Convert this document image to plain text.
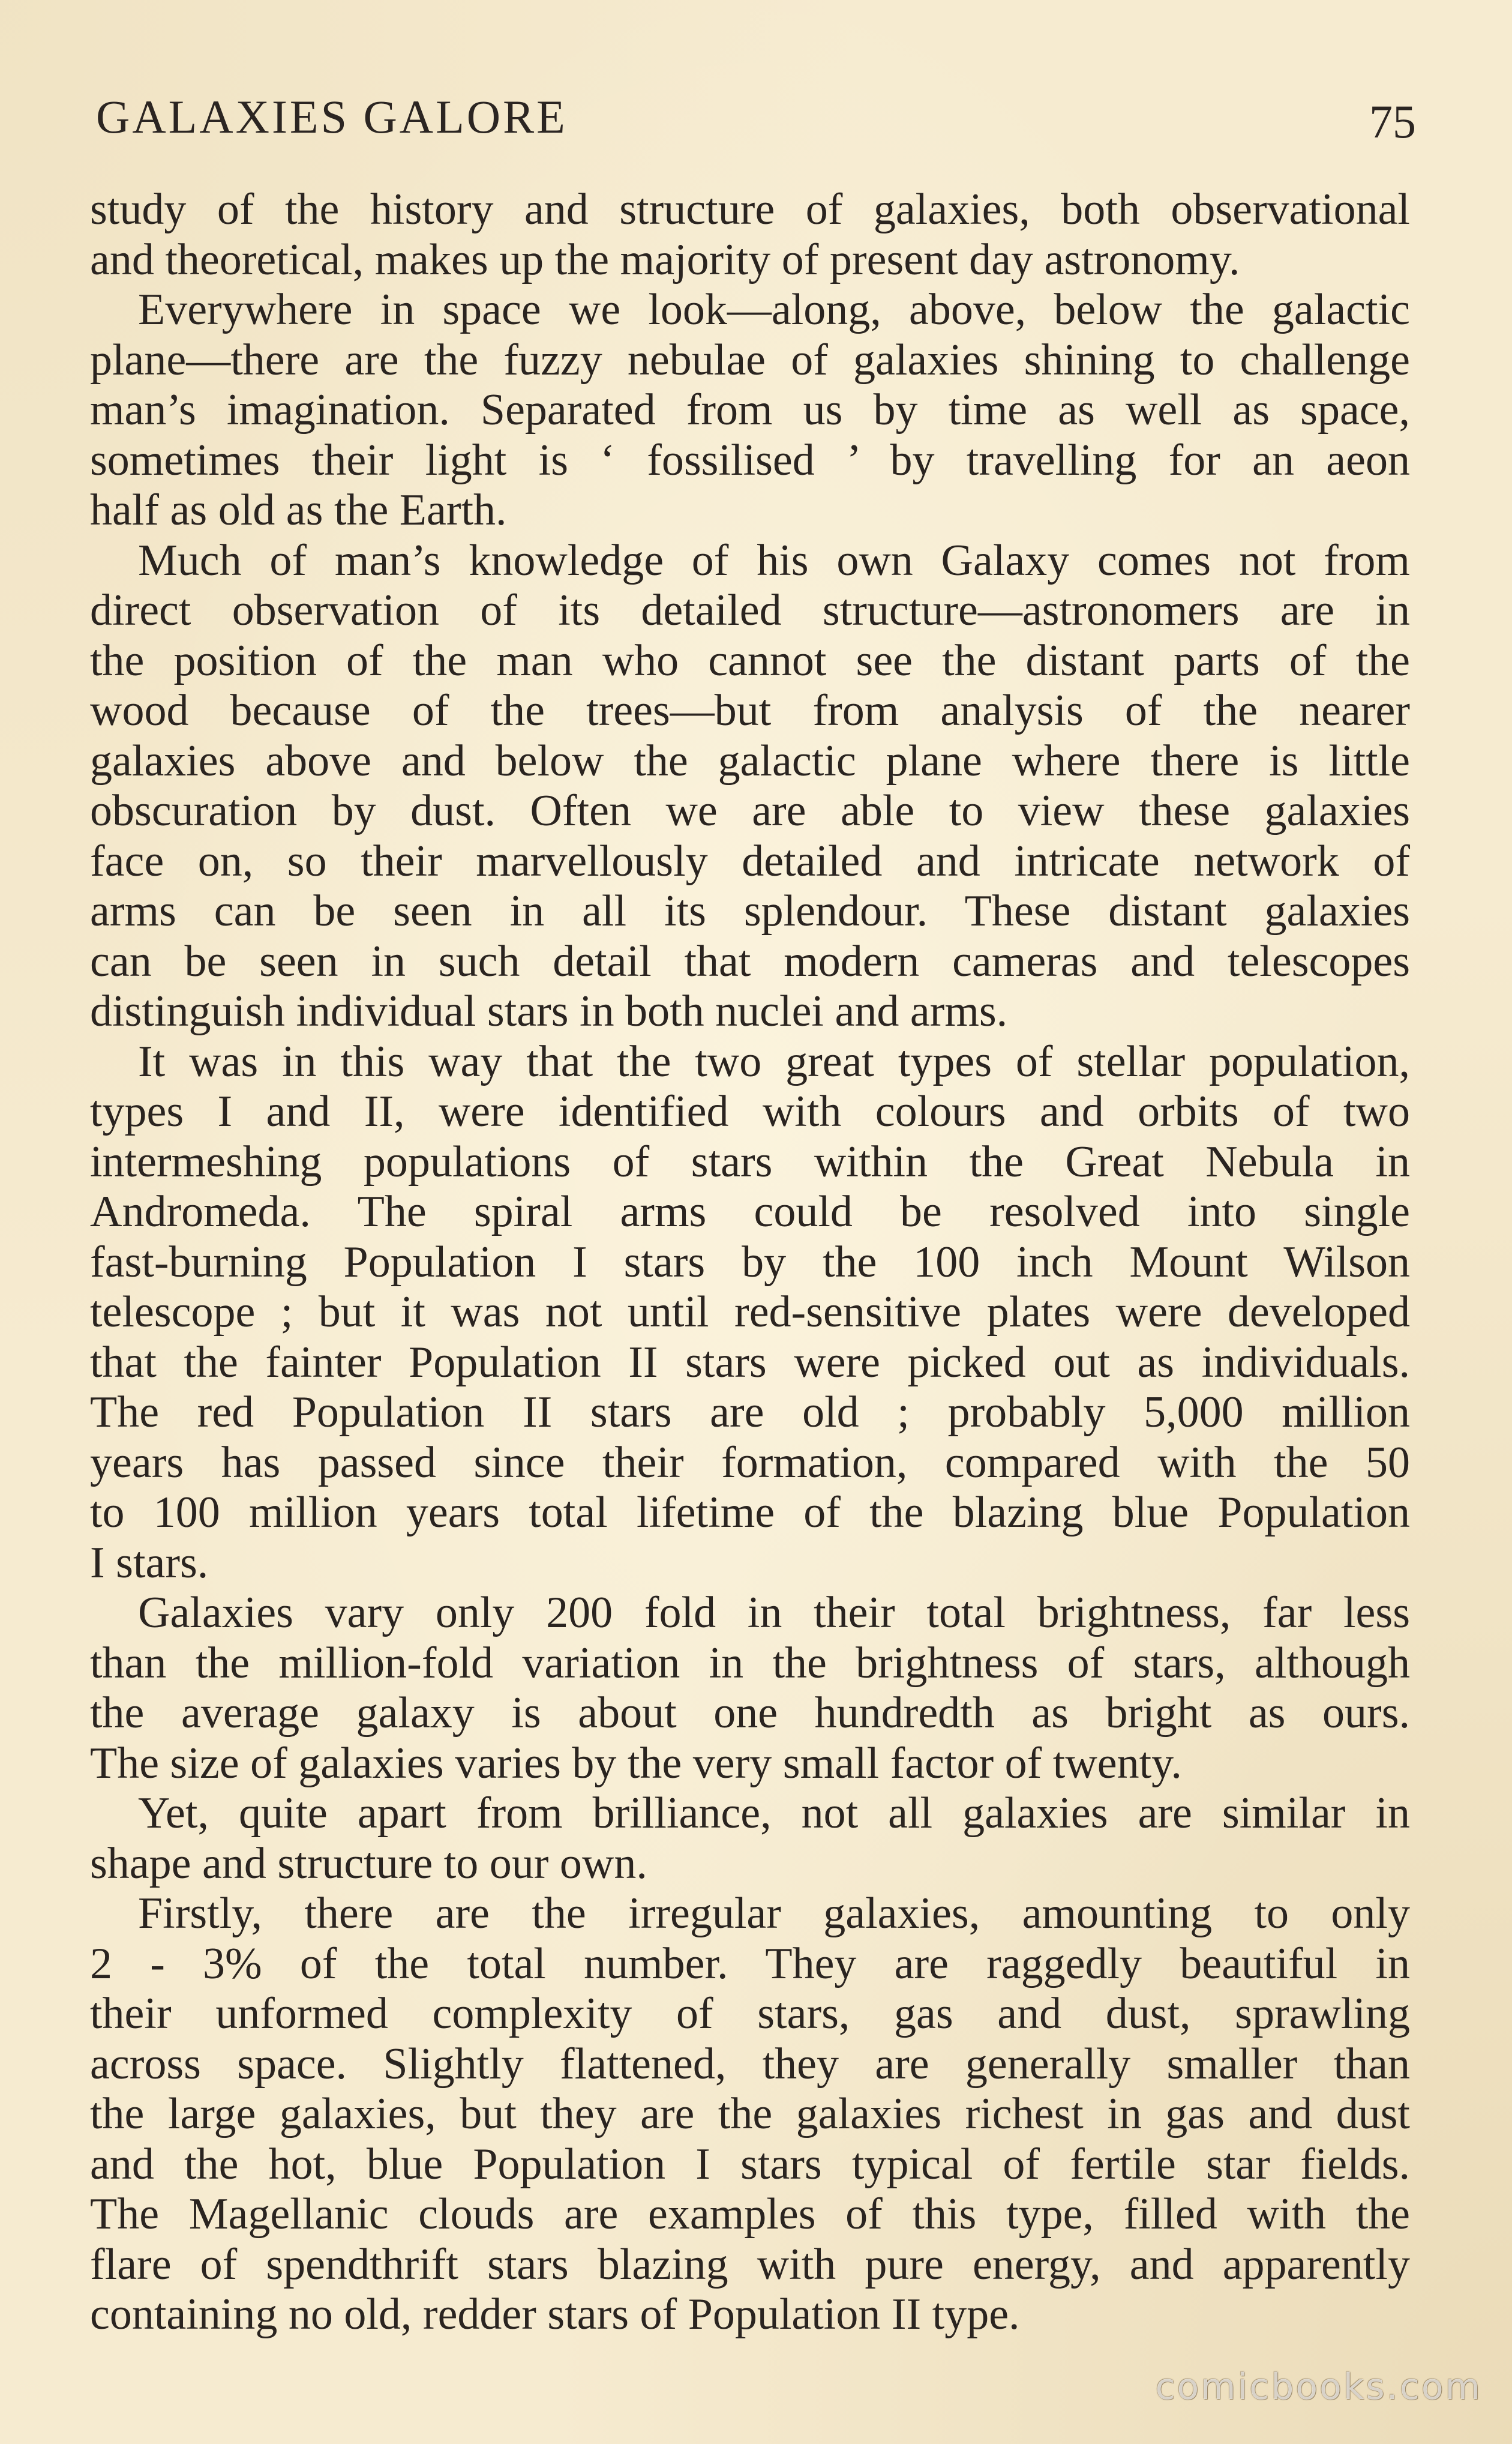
GALAXIES GALORE	75
study of the history and structure of galaxies, both observational
and theoretical, makes up the majority of present day astronomy.
Everywhere in space we look—along, above, below the galactic
plane—there are the fuzzy nebulae of galaxies shining to challenge
man’s imagination. Separated from us by time as well as space,
sometimes their light is ‘ fossilised ’ by travelling for an aeon
half as old as the Earth.
Much of man’s knowledge of his own Galaxy comes not from
direct observation of its detailed structure—astronomers are in
the position of the man who cannot see the distant parts of the
wood because of the trees—but from analysis of the nearer
galaxies above and below the galactic plane where there is little
obscuration by dust. Often we are able to view these galaxies
face on, so their marvellously detailed and intricate network of
arms can be seen in all its splendour. These distant galaxies
can be seen in such detail that modern cameras and telescopes
distinguish individual stars in both nuclei and arms.
It was in this way that the two great types of stellar population,
types I and II, were identified with colours and orbits of two
intermeshing populations of stars within the Great Nebula in
Andromeda. The spiral arms could be resolved into single
fast-burning Population I stars by the 100 inch Mount Wilson
telescope ; but it was not until red-sensitive plates were developed
that the fainter Population II stars were picked out as individuals.
The red Population II stars are old ; probably 5,000 million
years has passed since their formation, compared with the 50
to 100 million years total lifetime of the blazing blue Population
I stars.
Galaxies vary only 200 fold in their total brightness, far less
than the million-fold variation in the brightness of stars, although
the average galaxy is about one hundredth as bright as ours.
The size of galaxies varies by the very small factor of twenty.
Yet, quite apart from brilliance, not all galaxies are similar in
shape and structure to our own.
Firstly, there are the irregular galaxies, amounting to only
2 - 3% of the total number. They are raggedly beautiful in
their unformed complexity of stars, gas and dust, sprawling
across space. Slightly flattened, they are generally smaller than
the large galaxies, but they are the galaxies richest in gas and dust
and the hot, blue Population I stars typical of fertile star fields.
The Magellanic clouds are examples of this type, filled with the
flare of spendthrift stars blazing with pure energy, and apparently
containing no old, redder stars of Population II type.
comicbooks.com
